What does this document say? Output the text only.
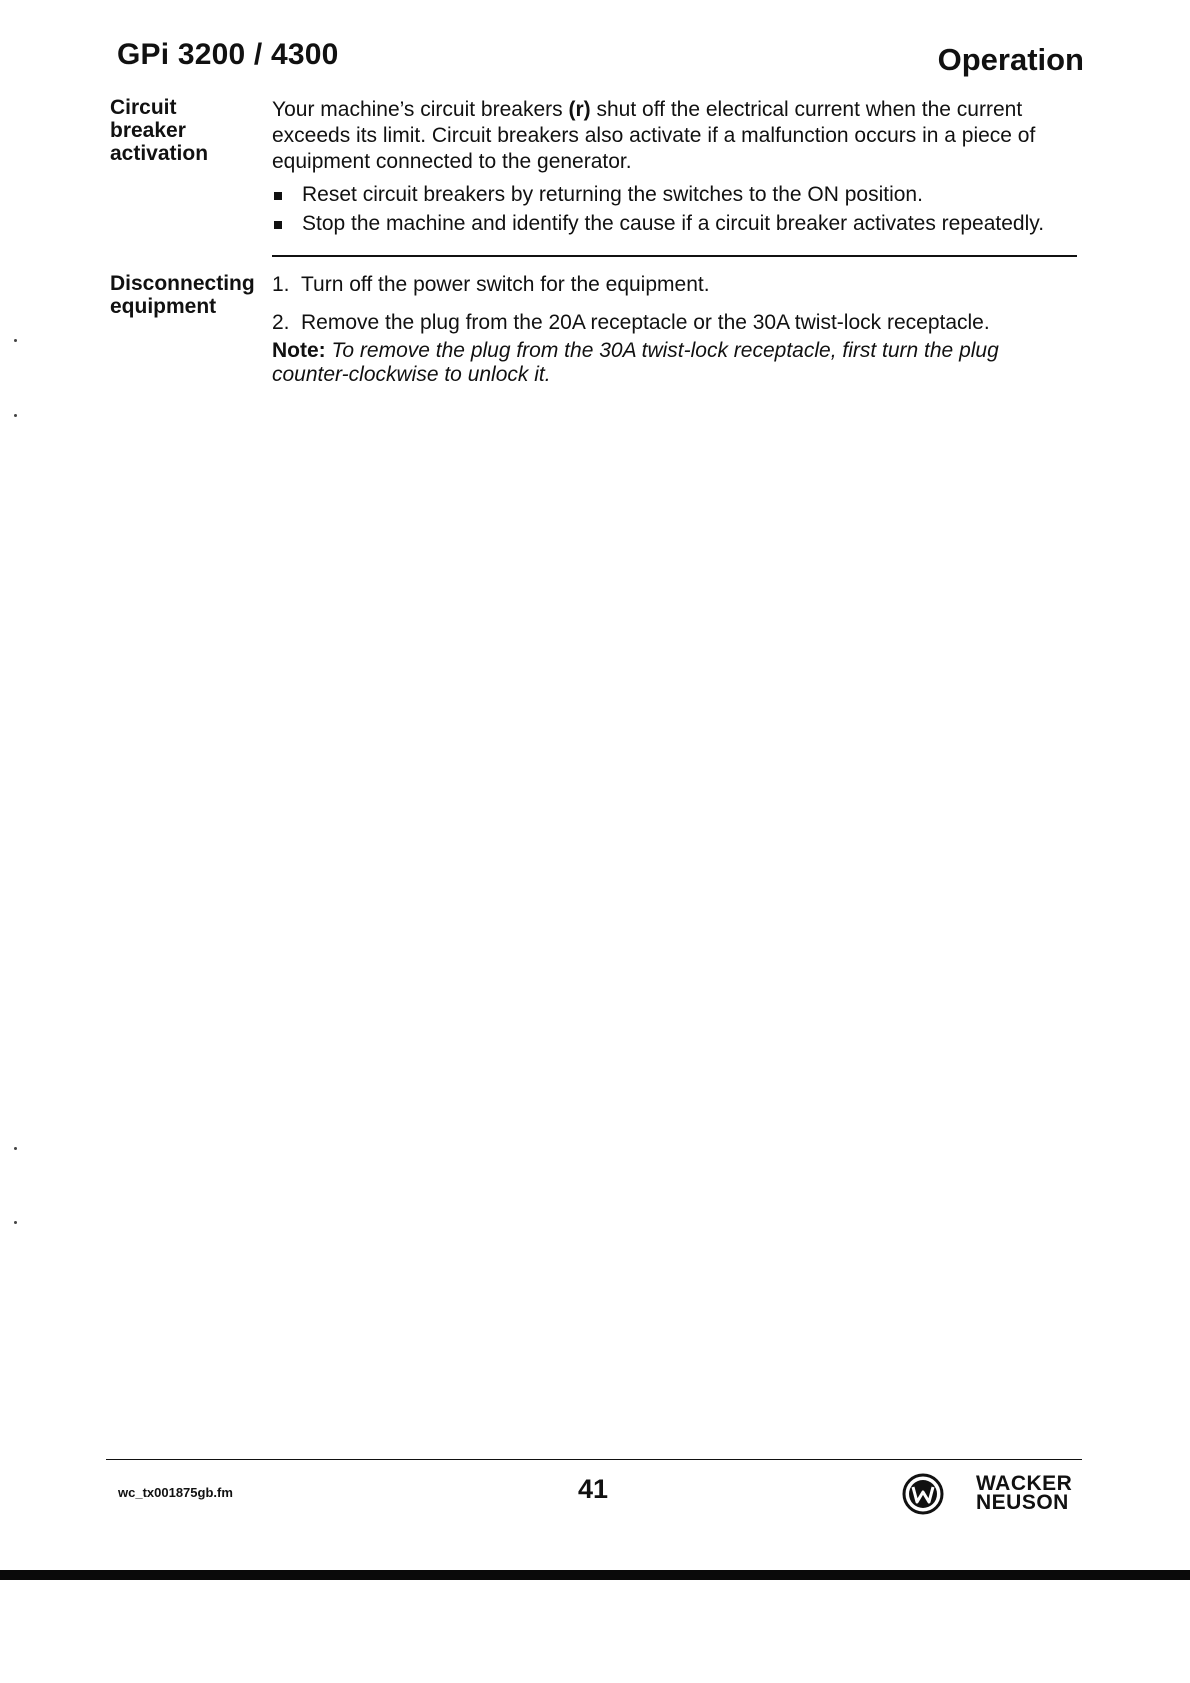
GPi 3200 / 4300	Operation
Circuit
breaker
activation
Your machine’s circuit breakers (r) shut off the electrical current when the current
exceeds its limit. Circuit breakers also activate if a malfunction occurs in a piece of
equipment connected to the generator.
Reset circuit breakers by returning the switches to the ON position.
Stop the machine and identify the cause if a circuit breaker activates repeatedly.
Disconnecting
equipment
1. Turn off the power switch for the equipment.
2. Remove the plug from the 20A receptacle or the 30A twist-lock receptacle.
Note: To remove the plug from the 30A twist-lock receptacle, first turn the plug
counter-clockwise to unlock it.
wc_tx001875gb.fm	41	WACKER
NEUSON
